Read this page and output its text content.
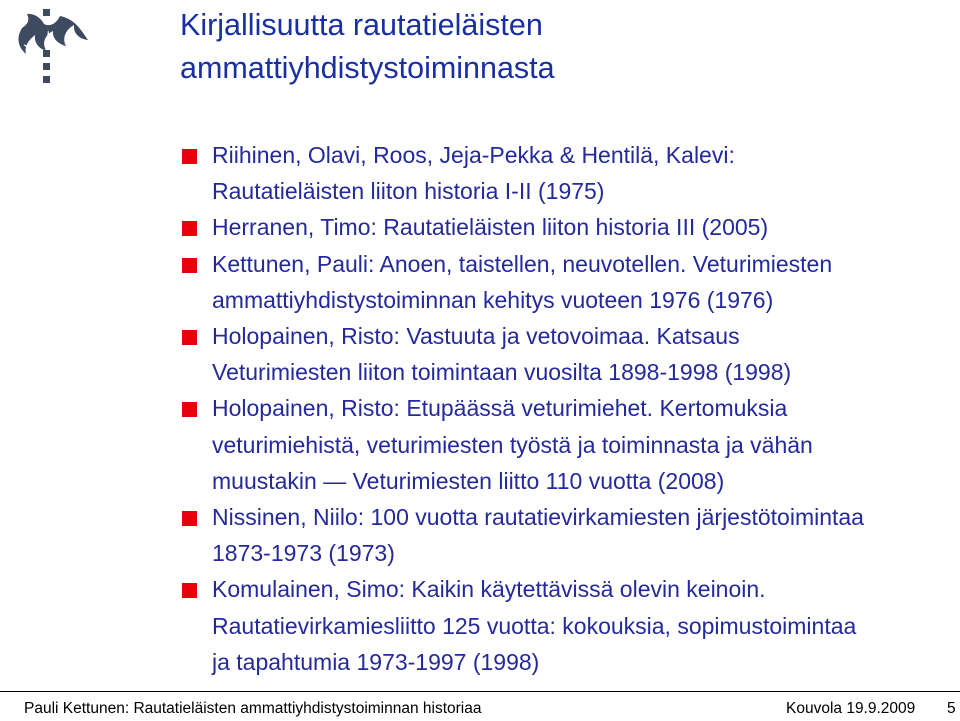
Kirjallisuutta rautatieläisten
ammattiyhdistystoiminnasta
Riihinen, Olavi, Roos, Jeja-Pekka & Hentilä, Kalevi:
Rautatieläisten liiton historia I-II (1975)
Herranen, Timo: Rautatieläisten liiton historia III (2005)
Kettunen, Pauli: Anoen, taistellen, neuvotellen. Veturimiesten
ammattiyhdistystoiminnan kehitys vuoteen 1976 (1976)
Holopainen, Risto: Vastuuta ja vetovoimaa. Katsaus
Veturimiesten liiton toimintaan vuosilta 1898-1998 (1998)
Holopainen, Risto: Etupäässä veturimiehet. Kertomuksia
veturimiehistä, veturimiesten työstä ja toiminnasta ja vähän
muustakin — Veturimiesten liitto 110 vuotta (2008)
Nissinen, Niilo: 100 vuotta rautatievirkamiesten järjestötoimintaa
1873-1973 (1973)
Komulainen, Simo: Kaikin käytettävissä olevin keinoin.
Rautatievirkamiesliitto 125 vuotta: kokouksia, sopimustoimintaa
ja tapahtumia 1973-1997 (1998)
Pauli Kettunen: Rautatieläisten ammattiyhdistystoiminnan historiaa	Kouvola 19.9.2009 5
